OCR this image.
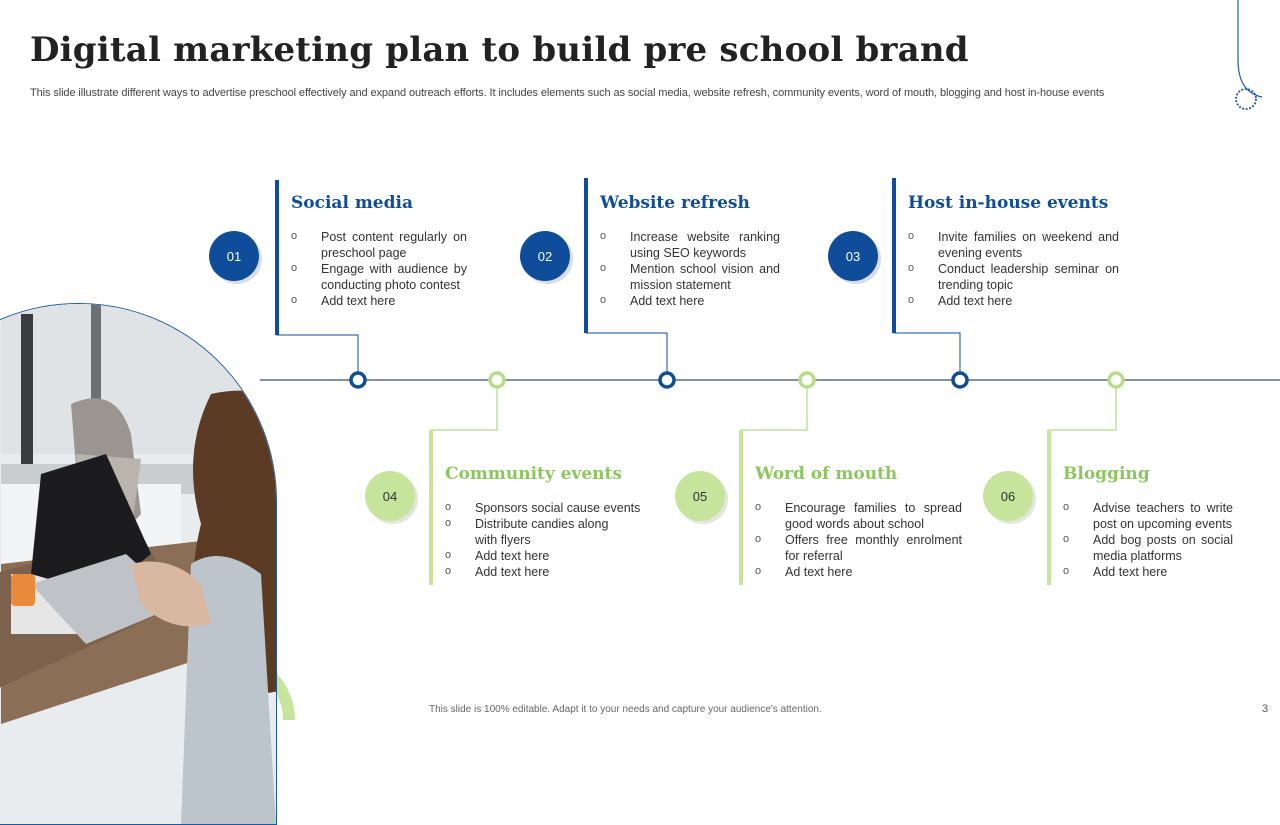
Digital marketing plan to build pre school brand
This slide illustrate different ways to advertise preschool effectively and expand outreach efforts. It includes elements such as social media, website refresh, community events, word of mouth, blogging and host in-house events
01	02	03
04	05	06
Social media
o Post content regularly on preschool page
o Engage with audience by conducting photo contest
o Add text here
Website refresh
o Increase website ranking using SEO keywords
o Mention school vision and mission statement
o Add text here
Host in-house events
o Invite families on weekend and evening events
o Conduct leadership seminar on trending topic
o Add text here
Community events
o Sponsors social cause events
o Distribute candies along with flyers
o Add text here
o Add text here
Word of mouth
o Encourage families to spread good words about school
o Offers free monthly enrolment for referral
o Ad text here
Blogging
o Advise teachers to write post on upcoming events
o Add bog posts on social media platforms
o Add text here
This slide is 100% editable. Adapt it to your needs and capture your audience's attention.	3
